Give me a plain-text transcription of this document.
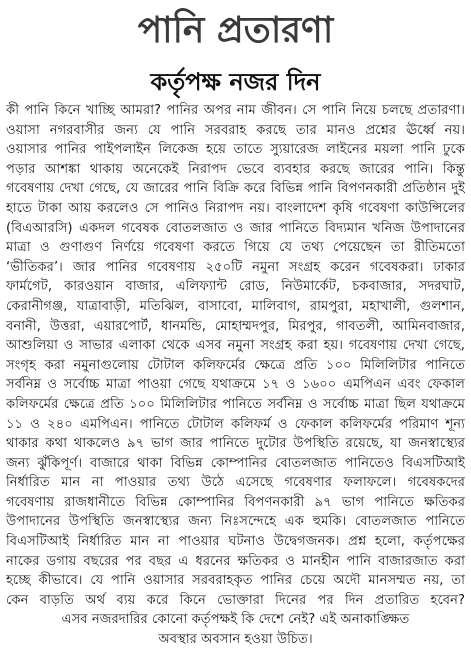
পানি প্রতারণা
কর্তৃপক্ষ নজর দিন
কী পানি কিনে খাচ্ছি আমরা? পানির অপর নাম জীবন। সে পানি নিয়ে চলছে প্রতারণা।
ওয়াসা নগরবাসীর জন্য যে পানি সরবরাহ করছে তার মানও প্রশ্নের ঊর্ধ্বে নয়।
ওয়াসার পানির পাইপলাইন লিকেজ হয়ে তাতে স্যুয়ারেজ লাইনের ময়লা পানি ঢুকে
পড়ার আশঙ্কা থাকায় অনেকেই নিরাপদ ভেবে ব্যবহার করছে জারের পানি। কিন্তু
গবেষণায় দেখা গেছে, যে জারের পানি বিক্রি করে বিভিন্ন পানি বিপণনকারী প্রতিষ্ঠান দুই
হাতে টাকা আয় করলেও সে পানিও নিরাপদ নয়। বাংলাদেশ কৃষি গবেষণা কাউন্সিলের
(বিএআরসি) একদল গবেষক বোতলজাত ও জার পানিতে বিদ্যমান খনিজ উপাদানের
মাত্রা ও গুণাগুণ নির্ণয়ে গবেষণা করতে গিয়ে যে তথ্য পেয়েছেন তা রীতিমতো
‘ভীতিকর’। জার পানির গবেষণায় ২৫০টি নমুনা সংগ্রহ করেন গবেষকরা। ঢাকার
ফার্মগেট, কারওয়ান বাজার, এলিফ্যান্ট রোড, নিউমার্কেট, চকবাজার, সদরঘাট,
কেরানীগঞ্জ, যাত্রাবাড়ী, মতিঝিল, বাসাবো, মালিবাগ, রামপুরা, মহাখালী, গুলশান,
বনানী, উত্তরা, এয়ারপোর্ট, ধানমন্ডি, মোহাম্মদপুর, মিরপুর, গাবতলী, আমিনবাজার,
আশুলিয়া ও সাভার এলাকা থেকে এসব নমুনা সংগ্রহ করা হয়। গবেষণায় দেখা গেছে,
সংগৃহ করা নমুনাগুলোয় টোটাল কলিফর্মের ক্ষেত্রে প্রতি ১০০ মিলিলিটার পানিতে
সর্বনিম্ন ও সর্বোচ্চ মাত্রা পাওয়া গেছে যথাক্রমে ১৭ ও ১৬০০ এমপিএন এবং ফেকাল
কলিফর্মের ক্ষেত্রে প্রতি ১০০ মিলিলিটার পানিতে সর্বনিম্ন ও সর্বোচ্চ মাত্রা ছিল যথাক্রমে
১১ ও ২৪০ এমপিএন। পানিতে টোটাল কলিফর্ম ও ফেকাল কলিফর্মের পরিমাণ শূন্য
থাকার কথা থাকলেও ৯৭ ভাগ জার পানিতে দুটোর উপস্থিতি রয়েছে, যা জনস্বাস্থ্যের
জন্য ঝুঁকিপূর্ণ। বাজারে থাকা বিভিন্ন কোম্পানির বোতলজাত পানিতেও বিএসটিআই
নির্ধারিত মান না পাওয়ার তথ্য উঠে এসেছে গবেষণার ফলাফলে। গবেষকদের
গবেষণায় রাজধানীতে বিভিন্ন কোম্পানির বিপণনকারী ৯৭ ভাগ পানিতে ক্ষতিকর
উপাদানের উপস্থিতি জনস্বাস্থ্যের জন্য নিঃসন্দেহে এক হুমকি। বোতলজাত পানিতে
বিএসটিআই নির্ধারিত মান না পাওয়ার ঘটনাও উদ্বেগজনক। প্রশ্ন হলো, কর্তৃপক্ষের
নাকের ডগায় বছরের পর বছর এ ধরনের ক্ষতিকর ও মানহীন পানি বাজারজাত করা
হচ্ছে কীভাবে। যে পানি ওয়াসার সরবরাহকৃত পানির চেয়ে অদৌ মানসম্মত নয়, তা
কেন বাড়তি অর্থ ব্যয় করে কিনে ভোক্তারা দিনের পর দিন প্রতারিত হবেন?
এসব নজরদারির কোনো কর্তৃপক্ষই কি দেশে নেই? এই অনাকাঙ্ক্ষিত
অবস্থার অবসান হওয়া উচিত।
